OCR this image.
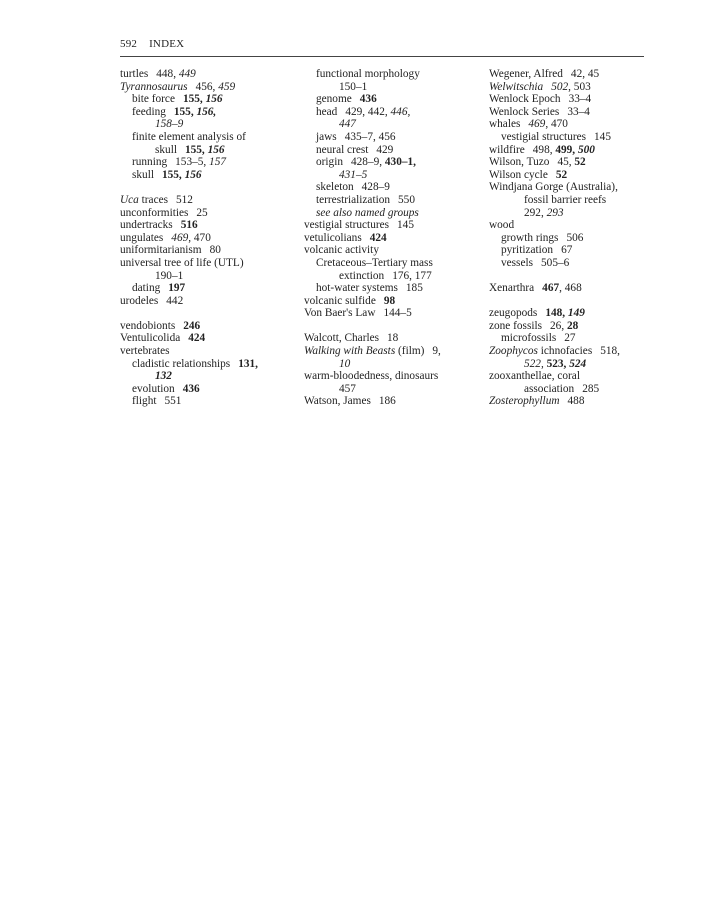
592 INDEX
turtles 448, 449
Tyrannosaurus 456, 459
bite force 155, 156
feeding 155, 156,
158–9
finite element analysis of
skull 155, 156
running 153–5, 157
skull 155, 156
Uca traces 512
unconformities 25
undertracks 516
ungulates 469, 470
uniformitarianism 80
universal tree of life (UTL)
190–1
dating 197
urodeles 442
vendobionts 246
Ventulicolida 424
vertebrates
cladistic relationships 131,
132
evolution 436
flight 551
functional morphology
150–1
genome 436
head 429, 442, 446,
447
jaws 435–7, 456
neural crest 429
origin 428–9, 430–1,
431–5
skeleton 428–9
terrestrialization 550
see also named groups
vestigial structures 145
vetulicolians 424
volcanic activity
Cretaceous–Tertiary mass
extinction 176, 177
hot-water systems 185
volcanic sulfide 98
Von Baer's Law 144–5
Walcott, Charles 18
Walking with Beasts (film) 9,
10
warm-bloodedness, dinosaurs
457
Watson, James 186
Wegener, Alfred 42, 45
Welwitschia 502, 503
Wenlock Epoch 33–4
Wenlock Series 33–4
whales 469, 470
vestigial structures 145
wildfire 498, 499, 500
Wilson, Tuzo 45, 52
Wilson cycle 52
Windjana Gorge (Australia),
fossil barrier reefs
292, 293
wood
growth rings 506
pyritization 67
vessels 505–6
Xenarthra 467, 468
zeugopods 148, 149
zone fossils 26, 28
microfossils 27
Zoophycos ichnofacies 518,
522, 523, 524
zooxanthellae, coral
association 285
Zosterophyllum 488
